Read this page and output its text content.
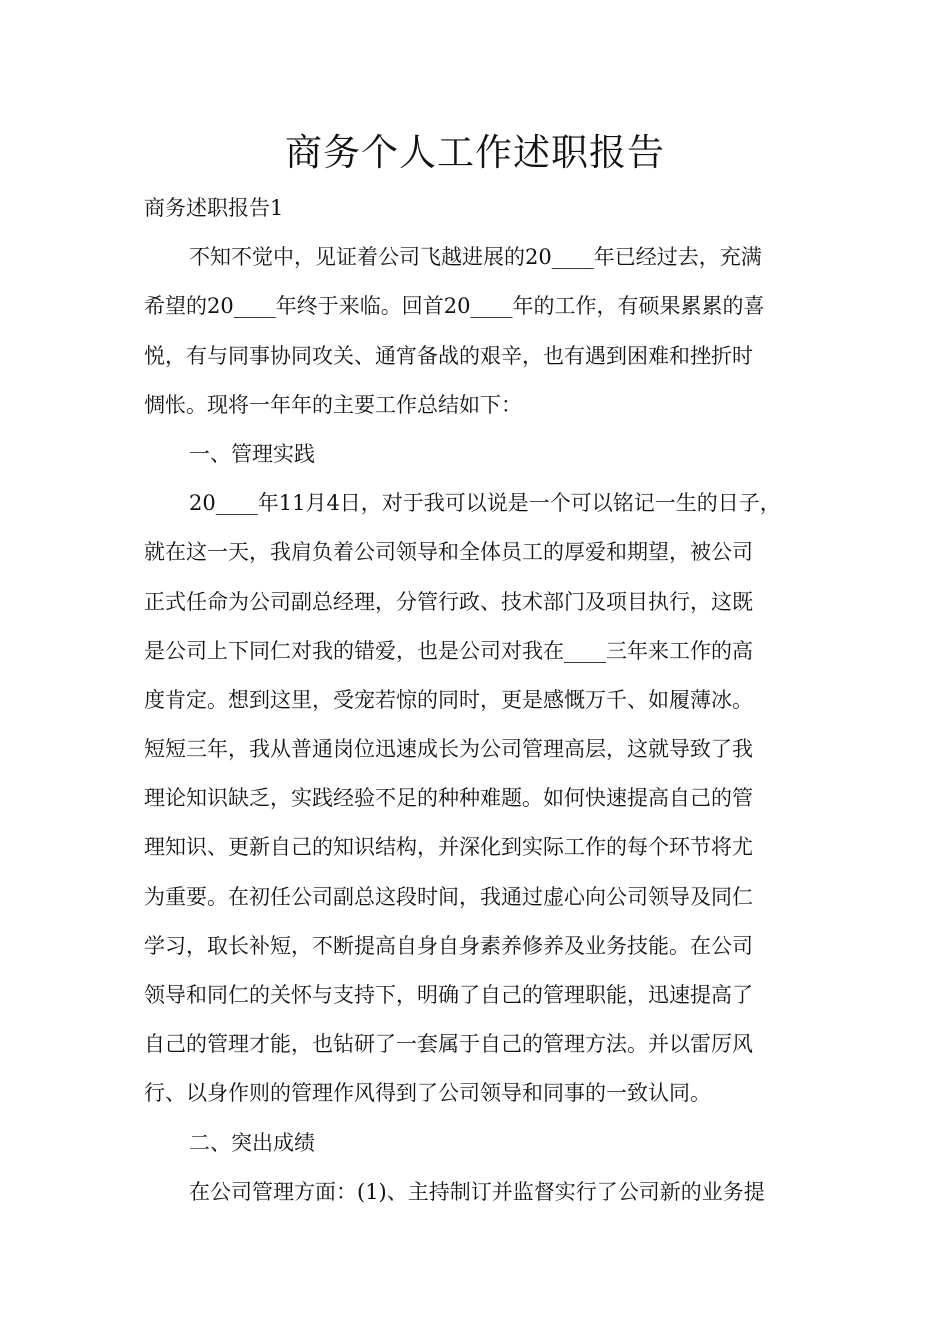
商务个人工作述职报告
商务述职报告1
不知不觉中，见证着公司飞越进展的20____年已经过去，充满
希望的20____年终于来临。回首20____年的工作，有硕果累累的喜
悦，有与同事协同攻关、通宵备战的艰辛，也有遇到困难和挫折时
惆怅。现将一年年的主要工作总结如下：
一、管理实践
20____年11月4日，对于我可以说是一个可以铭记一生的日子，
就在这一天，我肩负着公司领导和全体员工的厚爱和期望，被公司
正式任命为公司副总经理，分管行政、技术部门及项目执行，这既
是公司上下同仁对我的错爱，也是公司对我在____三年来工作的高
度肯定。想到这里，受宠若惊的同时，更是感慨万千、如履薄冰。
短短三年，我从普通岗位迅速成长为公司管理高层，这就导致了我
理论知识缺乏，实践经验不足的种种难题。如何快速提高自己的管
理知识、更新自己的知识结构，并深化到实际工作的每个环节将尤
为重要。在初任公司副总这段时间，我通过虚心向公司领导及同仁
学习，取长补短，不断提高自身自身素养修养及业务技能。在公司
领导和同仁的关怀与支持下，明确了自己的管理职能，迅速提高了
自己的管理才能，也钻研了一套属于自己的管理方法。并以雷厉风
行、以身作则的管理作风得到了公司领导和同事的一致认同。
二、突出成绩
在公司管理方面：(1)、主持制订并监督实行了公司新的业务提
